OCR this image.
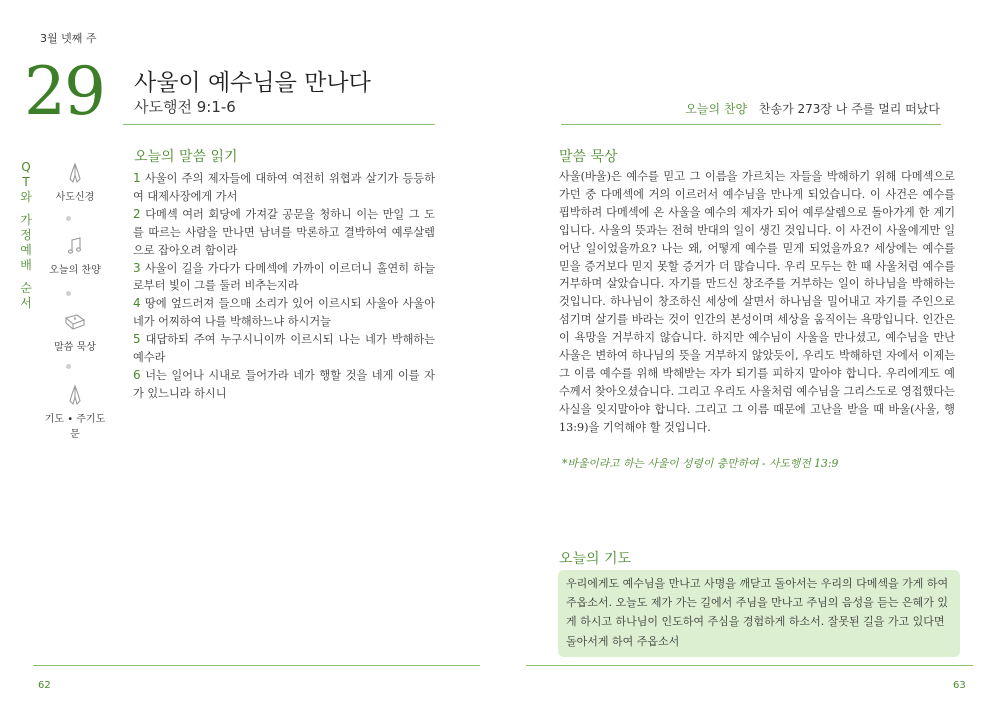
3월 넷째 주
29 사울이 예수님을 만나다
사도행전 9:1-6	오늘의 찬양 찬송가 273장 나 주를 멀리 떠났다
Q
T
와
가
정
예
배
순
서
사도신경
오늘의 찬양
말씀 묵상
기도 • 주기도문
오늘의 말씀 읽기
1 사울이 주의 제자들에 대하여 여전히 위협과 살기가 등등하여 대제사장에게 가서
2 다메섹 여러 회당에 가져갈 공문을 청하니 이는 만일 그 도를 따르는 사람을 만나면 남녀를 막론하고 결박하여 예루살렘으로 잡아오려 함이라
3 사울이 길을 가다가 다메섹에 가까이 이르더니 홀연히 하늘로부터 빛이 그를 둘러 비추는지라
4 땅에 엎드러져 들으매 소리가 있어 이르시되 사울아 사울아 네가 어찌하여 나를 박해하느냐 하시거늘
5 대답하되 주여 누구시니이까 이르시되 나는 네가 박해하는 예수라
6 너는 일어나 시내로 들어가라 네가 행할 것을 네게 이를 자가 있느니라 하시니
말씀 묵상
사울(바울)은 예수를 믿고 그 이름을 가르치는 자들을 박해하기 위해 다메섹으로 가던 중 다메섹에 거의 이르러서 예수님을 만나게 되었습니다. 이 사건은 예수를 핍박하려 다메섹에 온 사울을 예수의 제자가 되어 예루살렘으로 돌아가게 한 계기입니다. 사울의 뜻과는 전혀 반대의 일이 생긴 것입니다. 이 사건이 사울에게만 일어난 일이었을까요? 나는 왜, 어떻게 예수를 믿게 되었을까요? 세상에는 예수를 믿을 증거보다 믿지 못할 증거가 더 많습니다. 우리 모두는 한 때 사울처럼 예수를 거부하며 살았습니다. 자기를 만드신 창조주를 거부하는 일이 하나님을 박해하는 것입니다. 하나님이 창조하신 세상에 살면서 하나님을 밀어내고 자기를 주인으로 섬기며 살기를 바라는 것이 인간의 본성이며 세상을 움직이는 욕망입니다. 인간은 이 욕망을 거부하지 않습니다. 하지만 예수님이 사울을 만나셨고, 예수님을 만난 사울은 변하여 하나님의 뜻을 거부하지 않았듯이, 우리도 박해하던 자에서 이제는 그 이름 예수를 위해 박해받는 자가 되기를 피하지 말아야 합니다. 우리에게도 예수께서 찾아오셨습니다. 그리고 우리도 사울처럼 예수님을 그리스도로 영접했다는 사실을 잊지말아야 합니다. 그리고 그 이름 때문에 고난을 받을 때 바울(사울, 행 13:9)을 기억해야 할 것입니다.
*바울이라고 하는 사울이 성령이 충만하여 - 사도행전 13:9
오늘의 기도
우리에게도 예수님을 만나고 사명을 깨닫고 돌아서는 우리의 다메섹을 가게 하여 주옵소서. 오늘도 제가 가는 길에서 주님을 만나고 주님의 음성을 듣는 은혜가 있게 하시고 하나님이 인도하여 주심을 경험하게 하소서. 잘못된 길을 가고 있다면 돌아서게 하여 주옵소서
62	63
